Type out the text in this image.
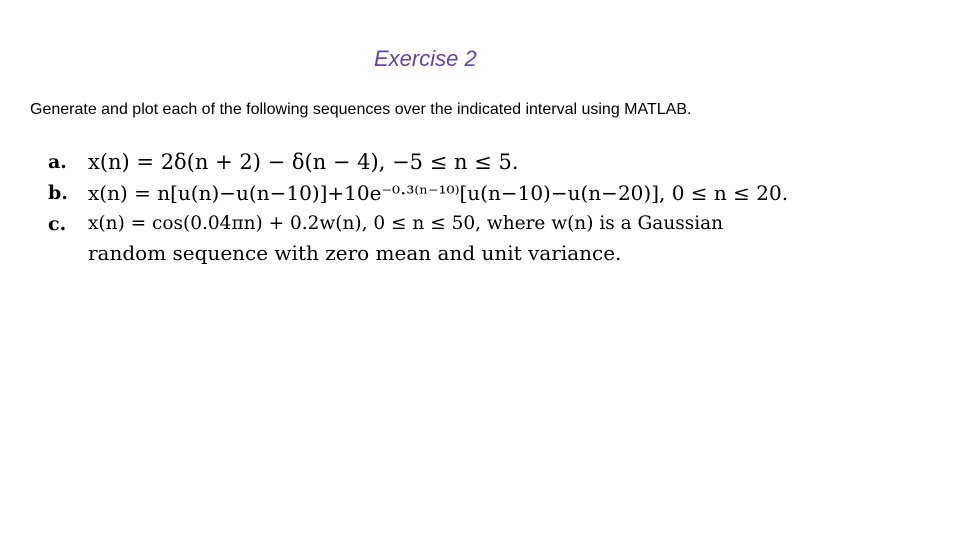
Exercise 2
Generate and plot each of the following sequences over the indicated interval using MATLAB.
a. x(n) = 2δ(n + 2) − δ(n − 4), −5 ≤ n ≤ 5.
b. x(n) = n[u(n)−u(n−10)]+10e⁻⁰·³⁽ⁿ⁻¹⁰⁾[u(n−10)−u(n−20)], 0 ≤ n ≤ 20.
c. x(n) = cos(0.04πn) + 0.2w(n), 0 ≤ n ≤ 50, where w(n) is a Gaussian
random sequence with zero mean and unit variance.
